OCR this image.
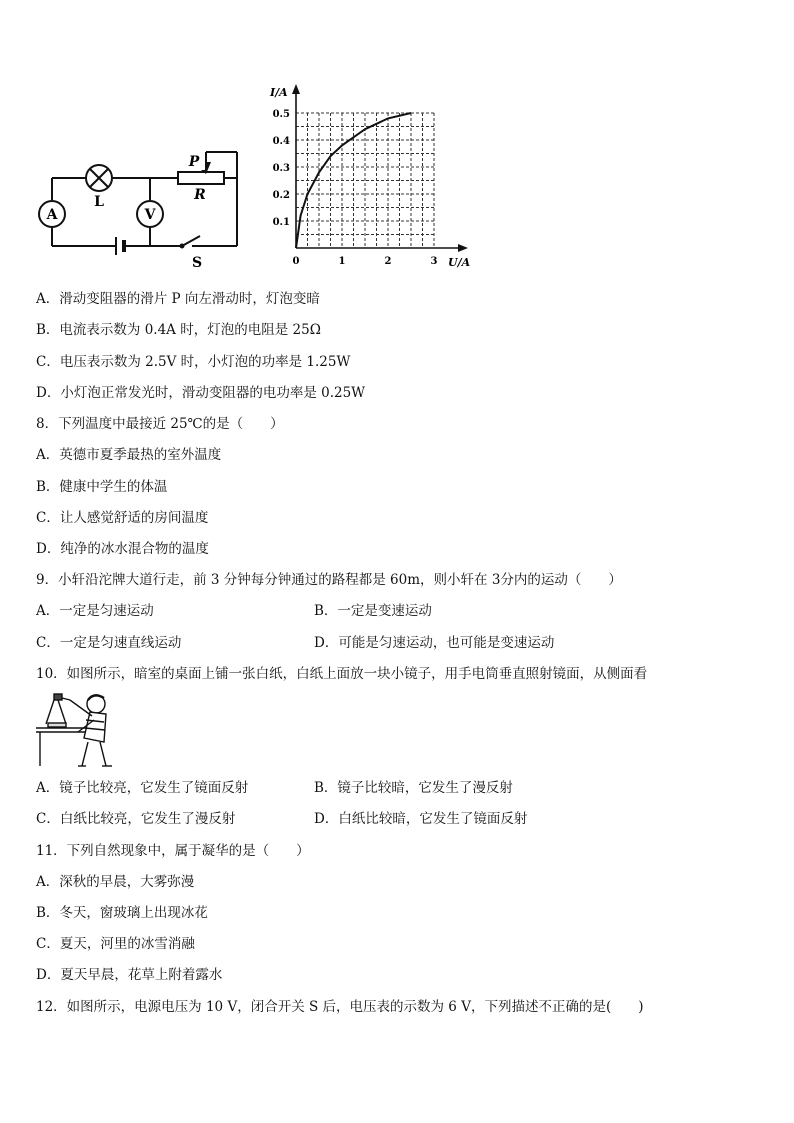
A
L
V
P
R
S
I/A
U/A
0.1
0.2
0.3
0.4
0.5
0	1	2	3
A．滑动变阻器的滑片 P 向左滑动时，灯泡变暗
B．电流表示数为 0.4A 时，灯泡的电阻是 25Ω
C．电压表示数为 2.5V 时，小灯泡的功率是 1.25W
D．小灯泡正常发光时，滑动变阻器的电功率是 0.25W
8．下列温度中最接近 25℃的是（　　）
A．英德市夏季最热的室外温度
B．健康中学生的体温
C．让人感觉舒适的房间温度
D．纯净的冰水混合物的温度
9．小轩沿沱牌大道行走，前 3 分钟每分钟通过的路程都是 60m，则小轩在 3分内的运动（　　）
A．一定是匀速运动	B．一定是变速运动
C．一定是匀速直线运动	D．可能是匀速运动，也可能是变速运动
10．如图所示，暗室的桌面上铺一张白纸，白纸上面放一块小镜子，用手电筒垂直照射镜面，从侧面看
A．镜子比较亮，它发生了镜面反射	B．镜子比较暗，它发生了漫反射
C．白纸比较亮，它发生了漫反射	D．白纸比较暗，它发生了镜面反射
11．下列自然现象中，属于凝华的是（　　）
A．深秋的早晨，大雾弥漫
B．冬天，窗玻璃上出现冰花
C．夏天，河里的冰雪消融
D．夏天早晨，花草上附着露水
12．如图所示，电源电压为 10 V，闭合开关 S 后，电压表的示数为 6 V，下列描述不正确的是(　　)
